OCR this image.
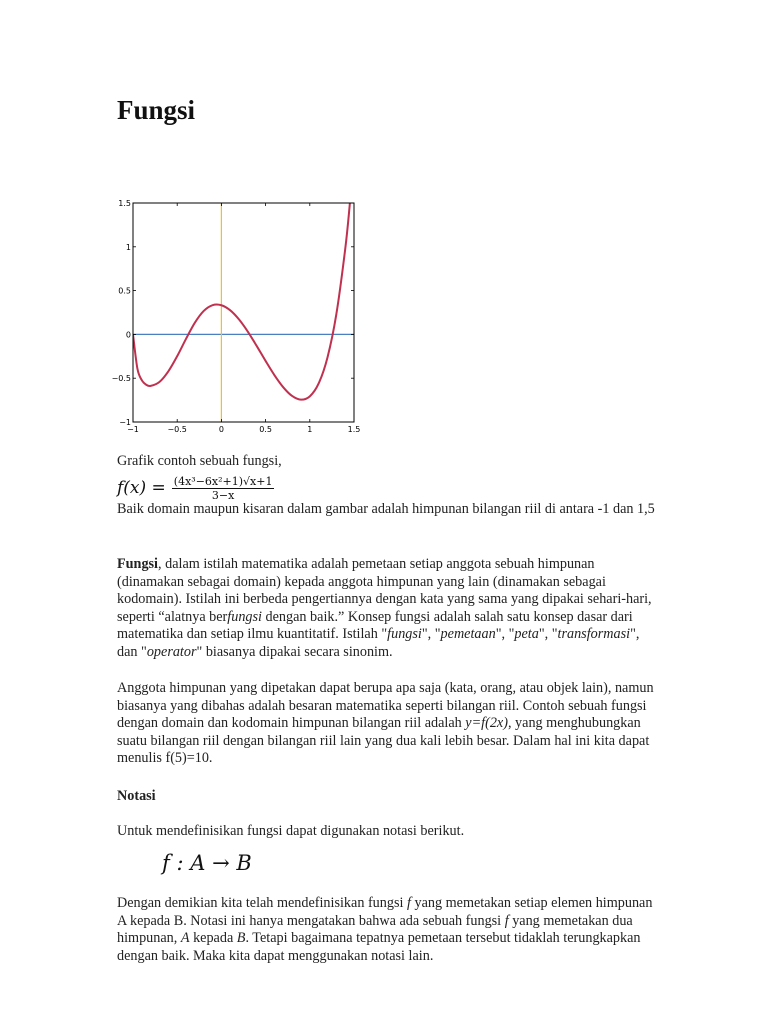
Fungsi
−1	−0.5	0	0.5	1	1.5
1.5
1
0.5
0
−0.5
−1

Grafik contoh sebuah fungsi,

$f(x) = \frac{\text{(4x³−6x²+1)√x+1}}{3-x}$

Baik domain maupun kisaran dalam gambar adalah himpunan bilangan riil di antara -1 dan 1,5

Fungsi, dalam istilah matematika adalah pemetaan setiap anggota sebuah himpunan (dinamakan sebagai domain) kepada anggota himpunan yang lain (dinamakan sebagai kodomain). Istilah ini berbeda pengertiannya dengan kata yang sama yang dipakai sehari-hari, seperti “alatnya berfungsi dengan baik.” Konsep fungsi adalah salah satu konsep dasar dari matematika dan setiap ilmu kuantitatif. Istilah "fungsi", "pemetaan", "peta", "transformasi", dan "operator" biasanya dipakai secara sinonim.

Anggota himpunan yang dipetakan dapat berupa apa saja (kata, orang, atau objek lain), namun biasanya yang dibahas adalah besaran matematika seperti bilangan riil. Contoh sebuah fungsi dengan domain dan kodomain himpunan bilangan riil adalah y=f(2x), yang menghubungkan suatu bilangan riil dengan bilangan riil lain yang dua kali lebih besar. Dalam hal ini kita dapat menulis f(5)=10.

Notasi

Untuk mendefinisikan fungsi dapat digunakan notasi berikut.

f : A → B

Dengan demikian kita telah mendefinisikan fungsi f yang memetakan setiap elemen himpunan A kepada B. Notasi ini hanya mengatakan bahwa ada sebuah fungsi f yang memetakan dua himpunan, A kepada B. Tetapi bagaimana tepatnya pemetaan tersebut tidaklah terungkapkan dengan baik. Maka kita dapat menggunakan notasi lain.
